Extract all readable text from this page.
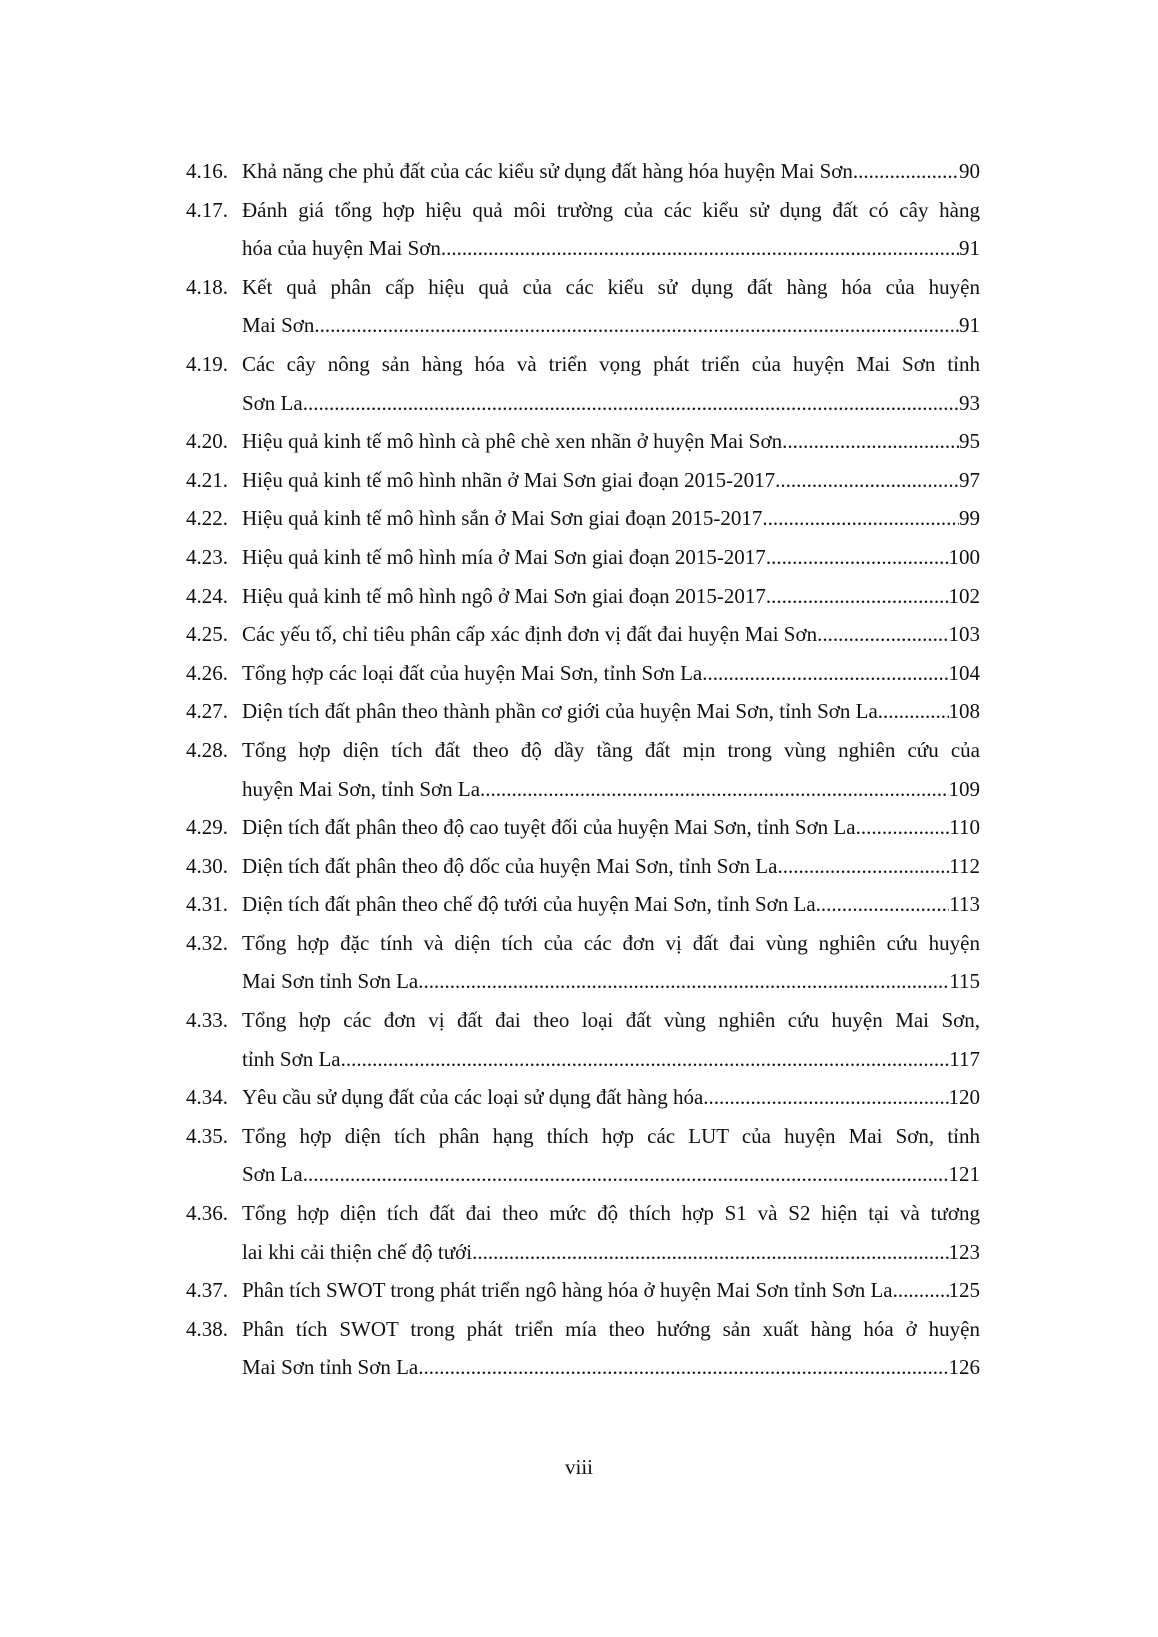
4.16. Khả năng che phủ đất của các kiểu sử dụng đất hàng hóa huyện Mai Sơn .....	90
4.17. Đánh giá tổng hợp hiệu quả môi trường của các kiểu sử dụng đất có cây hàng
hóa của huyện Mai Sơn .....	91
4.18. Kết quả phân cấp hiệu quả của các kiểu sử dụng đất hàng hóa của huyện
Mai Sơn .....	91
4.19. Các cây nông sản hàng hóa và triển vọng phát triển của huyện Mai Sơn tỉnh
Sơn La .....	93
4.20. Hiệu quả kinh tế mô hình cà phê chè xen nhãn ở huyện Mai Sơn .....	95
4.21. Hiệu quả kinh tế mô hình nhãn ở Mai Sơn giai đoạn 2015-2017 .....	97
4.22. Hiệu quả kinh tế mô hình sắn ở Mai Sơn giai đoạn 2015-2017 .....	99
4.23. Hiệu quả kinh tế mô hình mía ở Mai Sơn giai đoạn 2015-2017 .....	100
4.24. Hiệu quả kinh tế mô hình ngô ở Mai Sơn giai đoạn 2015-2017 .....	102
4.25. Các yếu tố, chỉ tiêu phân cấp xác định đơn vị đất đai huyện Mai Sơn .....	103
4.26. Tổng hợp các loại đất của huyện Mai Sơn, tỉnh Sơn La .....	104
4.27. Diện tích đất phân theo thành phần cơ giới của huyện Mai Sơn, tỉnh Sơn La .....	108
4.28. Tổng hợp diện tích đất theo độ dầy tầng đất mịn trong vùng nghiên cứu của
huyện Mai Sơn, tỉnh Sơn La .....	109
4.29. Diện tích đất phân theo độ cao tuyệt đối của huyện Mai Sơn, tỉnh Sơn La .....	110
4.30. Diện tích đất phân theo độ dốc của huyện Mai Sơn, tỉnh Sơn La .....	112
4.31. Diện tích đất phân theo chế độ tưới của huyện Mai Sơn, tỉnh Sơn La .....	113
4.32. Tổng hợp đặc tính và diện tích của các đơn vị đất đai vùng nghiên cứu huyện
Mai Sơn tỉnh Sơn La .....	115
4.33. Tổng hợp các đơn vị đất đai theo loại đất vùng nghiên cứu huyện Mai Sơn,
tỉnh Sơn La .....	117
4.34. Yêu cầu sử dụng đất của các loại sử dụng đất hàng hóa .....	120
4.35. Tổng hợp diện tích phân hạng thích hợp các LUT của huyện Mai Sơn, tỉnh
Sơn La .....	121
4.36. Tổng hợp diện tích đất đai theo mức độ thích hợp S1 và S2 hiện tại và tương
lai khi cải thiện chế độ tưới .....	123
4.37. Phân tích SWOT trong phát triển ngô hàng hóa ở huyện Mai Sơn tỉnh Sơn La .....	125
4.38. Phân tích SWOT trong phát triển mía theo hướng sản xuất hàng hóa ở huyện
Mai Sơn tỉnh Sơn La .....	126
viii
